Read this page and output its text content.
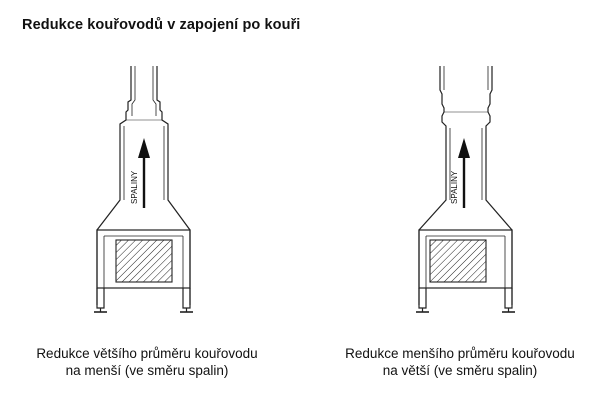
Redukce kouřovodů v zapojení po kouři
SPALINY	SPALINY
Redukce většího průměru kouřovodu
na menší (ve směru spalin)
Redukce menšího průměru kouřovodu
na větší (ve směru spalin)
